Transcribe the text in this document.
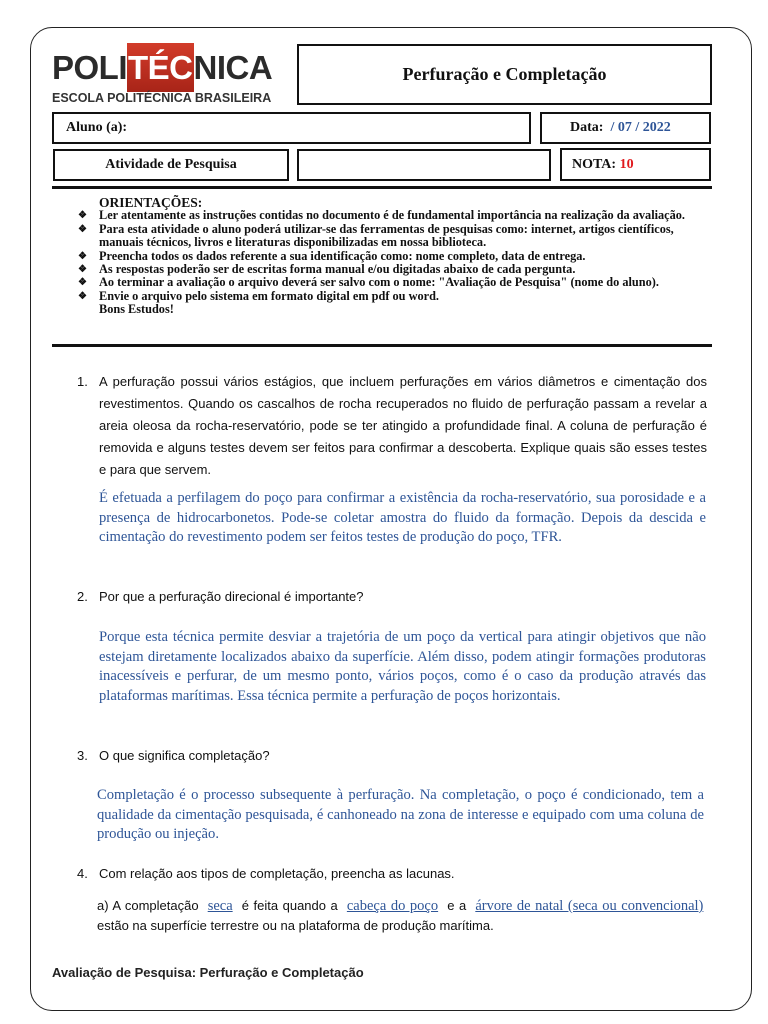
POLITÉCNICA
ESCOLA POLITÉCNICA BRASILEIRA
Perfuração e Completação
Aluno (a):	Data:
/ 07 / 2022
Atividade de Pesquisa	NOTA:
10
ORIENTAÇÕES:
❖ Ler atentamente as instruções contidas no documento é de fundamental importância na realização da avaliação.
❖ Para esta atividade o aluno poderá utilizar-se das ferramentas de pesquisas como: internet, artigos científicos, manuais técnicos, livros e literaturas disponibilizadas em nossa biblioteca.
❖ Preencha todos os dados referente a sua identificação como: nome completo, data de entrega.
❖ As respostas poderão ser de escritas forma manual e/ou digitadas abaixo de cada pergunta.
❖ Ao terminar a avaliação o arquivo deverá ser salvo com o nome: "Avaliação de Pesquisa" (nome do aluno).
❖ Envie o arquivo pelo sistema em formato digital em pdf ou word.
Bons Estudos!
1. A perfuração possui vários estágios, que incluem perfurações em vários diâmetros e cimentação dos revestimentos. Quando os cascalhos de rocha recuperados no fluido de perfuração passam a revelar a areia oleosa da rocha-reservatório, pode se ter atingido a profundidade final. A coluna de perfuração é removida e alguns testes devem ser feitos para confirmar a descoberta. Explique quais são esses testes e para que servem.
É efetuada a perfilagem do poço para confirmar a existência da rocha-reservatório, sua porosidade e a presença de hidrocarbonetos. Pode-se coletar amostra do fluido da formação. Depois da descida e cimentação do revestimento podem ser feitos testes de produção do poço, TFR.
2. Por que a perfuração direcional é importante?
Porque esta técnica permite desviar a trajetória de um poço da vertical para atingir objetivos que não estejam diretamente localizados abaixo da superfície. Além disso, podem atingir formações produtoras inacessíveis e perfurar, de um mesmo ponto, vários poços, como é o caso da produção através das plataformas marítimas. Essa técnica permite a perfuração de poços horizontais.
3. O que significa completação?
Completação é o processo subsequente à perfuração. Na completação, o poço é condicionado, tem a qualidade da cimentação pesquisada, é canhoneado na zona de interesse e equipado com uma coluna de produção ou injeção.
4. Com relação aos tipos de completação, preencha as lacunas.
a) A completação seca é feita quando a cabeça do poço e a árvore de natal (seca ou convencional)  estão na superfície terrestre ou na plataforma de produção marítima.
Avaliação de Pesquisa: Perfuração e Completação
